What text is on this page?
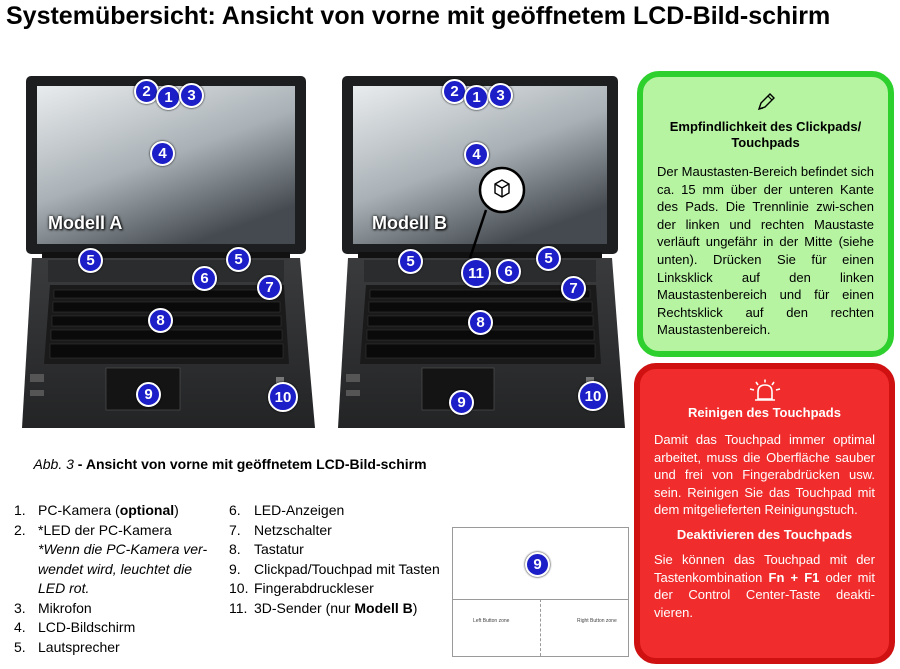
Systemübersicht: Ansicht von vorne mit geöffnetem LCD-Bild-schirm
Modell A
2 1 3
4
5	5
6
7
8
9	10
Modell B
2 1	3
4
5
11	6
5
7
8
9	10
Abb. 3 - Ansicht von vorne mit geöffnetem LCD-Bild-schirm
1. PC-Kamera (optional)
2. *LED der PC-Kamera
*Wenn die PC-Kamera ver-wendet wird, leuchtet die LED rot.
3. Mikrofon
4. LCD-Bildschirm
5. Lautsprecher
6. LED-Anzeigen
7. Netzschalter
8. Tastatur
9. Clickpad/Touchpad mit Tasten
10. Fingerabdruckleser
11. 3D-Sender (nur Modell B)
9
Left Button zone	Right Button zone
Empfindlichkeit des Clickpads/ Touchpads

Der Maustasten-Bereich befindet sich ca. 15 mm über der unteren Kante des Pads. Die Trennlinie zwi-schen der linken und rechten Maustaste verläuft ungefähr in der Mitte (siehe unten). Drücken Sie für einen Linksklick auf den linken Maustastenbereich und für einen Rechtsklick auf den rechten Maustastenbereich.

Reinigen des Touchpads

Damit das Touchpad immer optimal arbeitet, muss die Oberfläche sauber und frei von Fingerabdrücken usw. sein. Reinigen Sie das Touchpad mit dem mitgelieferten Reinigungstuch.

Deaktivieren des Touchpads

Sie können das Touchpad mit der Tastenkombination Fn + F1 oder mit der Control Center-Taste deakti-vieren.
